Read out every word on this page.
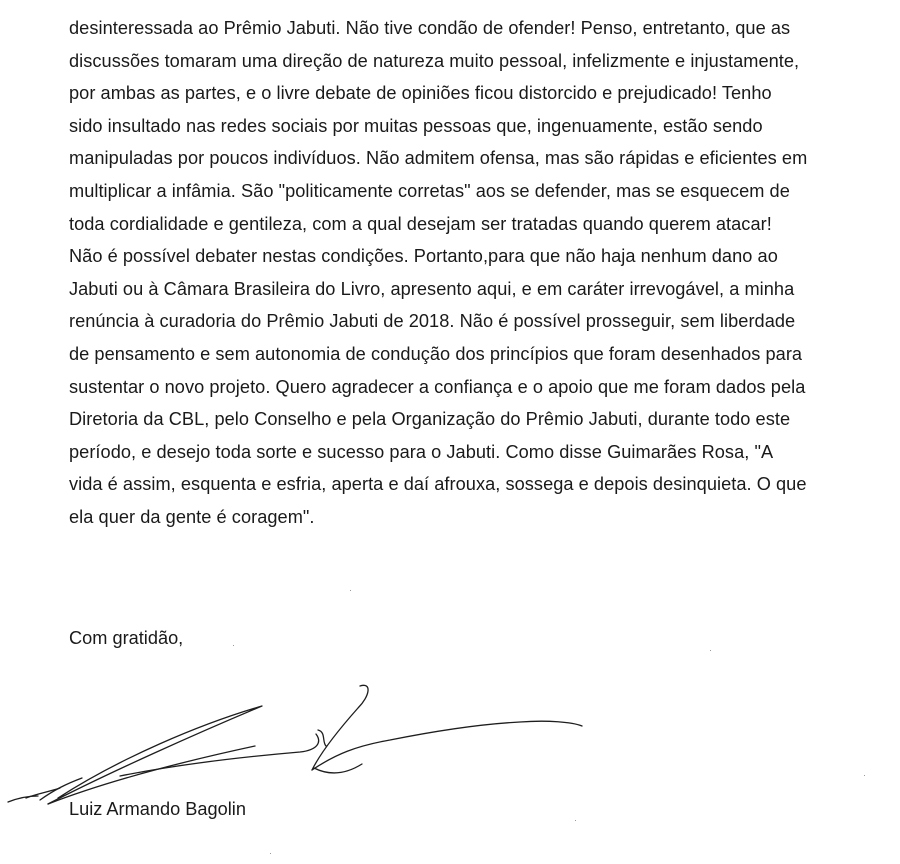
desinteressada ao Prêmio Jabuti. Não tive condão de ofender! Penso, entretanto, que as
discussões tomaram uma direção de natureza muito pessoal, infelizmente e injustamente,
por ambas as partes, e o livre debate de opiniões ficou distorcido e prejudicado! Tenho
sido insultado nas redes sociais por muitas pessoas que, ingenuamente, estão sendo
manipuladas por poucos indivíduos. Não admitem ofensa, mas são rápidas e eficientes em
multiplicar a infâmia. São "politicamente corretas" aos se defender, mas se esquecem de
toda cordialidade e gentileza, com a qual desejam ser tratadas quando querem atacar!
Não é possível debater nestas condições. Portanto,para que não haja nenhum dano ao
Jabuti ou à Câmara Brasileira do Livro, apresento aqui, e em caráter irrevogável, a minha
renúncia à curadoria do Prêmio Jabuti de 2018. Não é possível prosseguir, sem liberdade
de pensamento e sem autonomia de condução dos princípios que foram desenhados para
sustentar o novo projeto. Quero agradecer a confiança e o apoio que me foram dados pela
Diretoria da CBL, pelo Conselho e pela Organização do Prêmio Jabuti, durante todo este
período, e desejo toda sorte e sucesso para o Jabuti. Como disse Guimarães Rosa, "A
vida é assim, esquenta e esfria, aperta e daí afrouxa, sossega e depois desinquieta. O que
ela quer da gente é coragem".
Com gratidão,
Luiz Armando Bagolin
